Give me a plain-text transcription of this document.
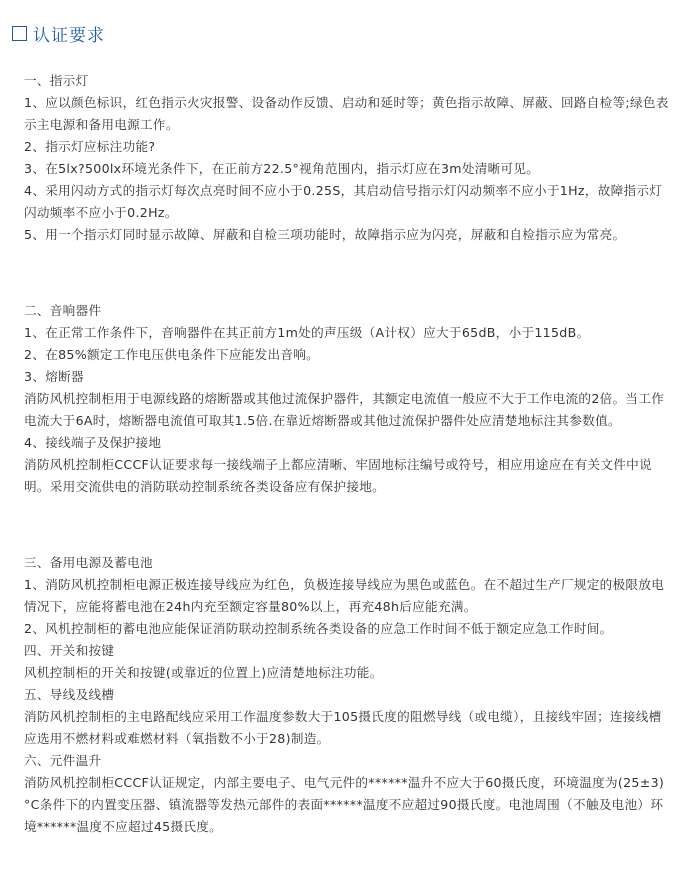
认证要求

一、指示灯

1、应以颜色标识，红色指示火灾报警、设备动作反馈、启动和延时等；黄色指示故障、屏蔽、回路自检等;绿色表示主电源和备用电源工作。

2、指示灯应标注功能?

3、在5lx?500lx环境光条件下，在正前方22.5°视角范围内，指示灯应在3m处清晰可见。

4、采用闪动方式的指示灯每次点亮时间不应小于0.25S，其启动信号指示灯闪动频率不应小于1Hz，故障指示灯闪动频率不应小于0.2Hz。

5、用一个指示灯同时显示故障、屏蔽和自检三项功能时，故障指示应为闪亮，屏蔽和自检指示应为常亮。

二、音响器件

1、在正常工作条件下，音响器件在其正前方1m处的声压级（A计权）应大于65dB，小于115dB。

2、在85%额定工作电压供电条件下应能发出音响。

3、熔断器

消防风机控制柜用于电源线路的熔断器或其他过流保护器件，其额定电流值一般应不大于工作电流的2倍。当工作电流大于6A时，熔断器电流值可取其1.5倍.在靠近熔断器或其他过流保护器件处应清楚地标注其参数值。

4、接线端子及保护接地

消防风机控制柜CCCF认证要求每一接线端子上都应清晰、牢固地标注编号或符号，相应用途应在有关文件中说明。采用交流供电的消防联动控制系统各类设备应有保护接地。

三、备用电源及蓄电池

1、消防风机控制柜电源正极连接导线应为红色，负极连接导线应为黑色或蓝色。在不超过生产厂规定的极限放电情况下，应能将蓄电池在24h内充至额定容量80%以上，再充48h后应能充满。

2、风机控制柜的蓄电池应能保证消防联动控制系统各类设备的应急工作时间不低于额定应急工作时间。

四、开关和按键

风机控制柜的开关和按键(或靠近的位置上)应清楚地标注功能。

五、导线及线槽

消防风机控制柜的主电路配线应采用工作温度参数大于105摄氏度的阻燃导线（或电缆），且接线牢固；连接线槽应选用不燃材料或难燃材料（氧指数不小于28)制造。

六、元件温升

消防风机控制柜CCCF认证规定，内部主要电子、电气元件的******温升不应大于60摄氏度，环境温度为(25±3)°C条件下的内置变压器、镇流器等发热元部件的表面******温度不应超过90摄氏度。电池周围（不触及电池）环境******温度不应超过45摄氏度。
